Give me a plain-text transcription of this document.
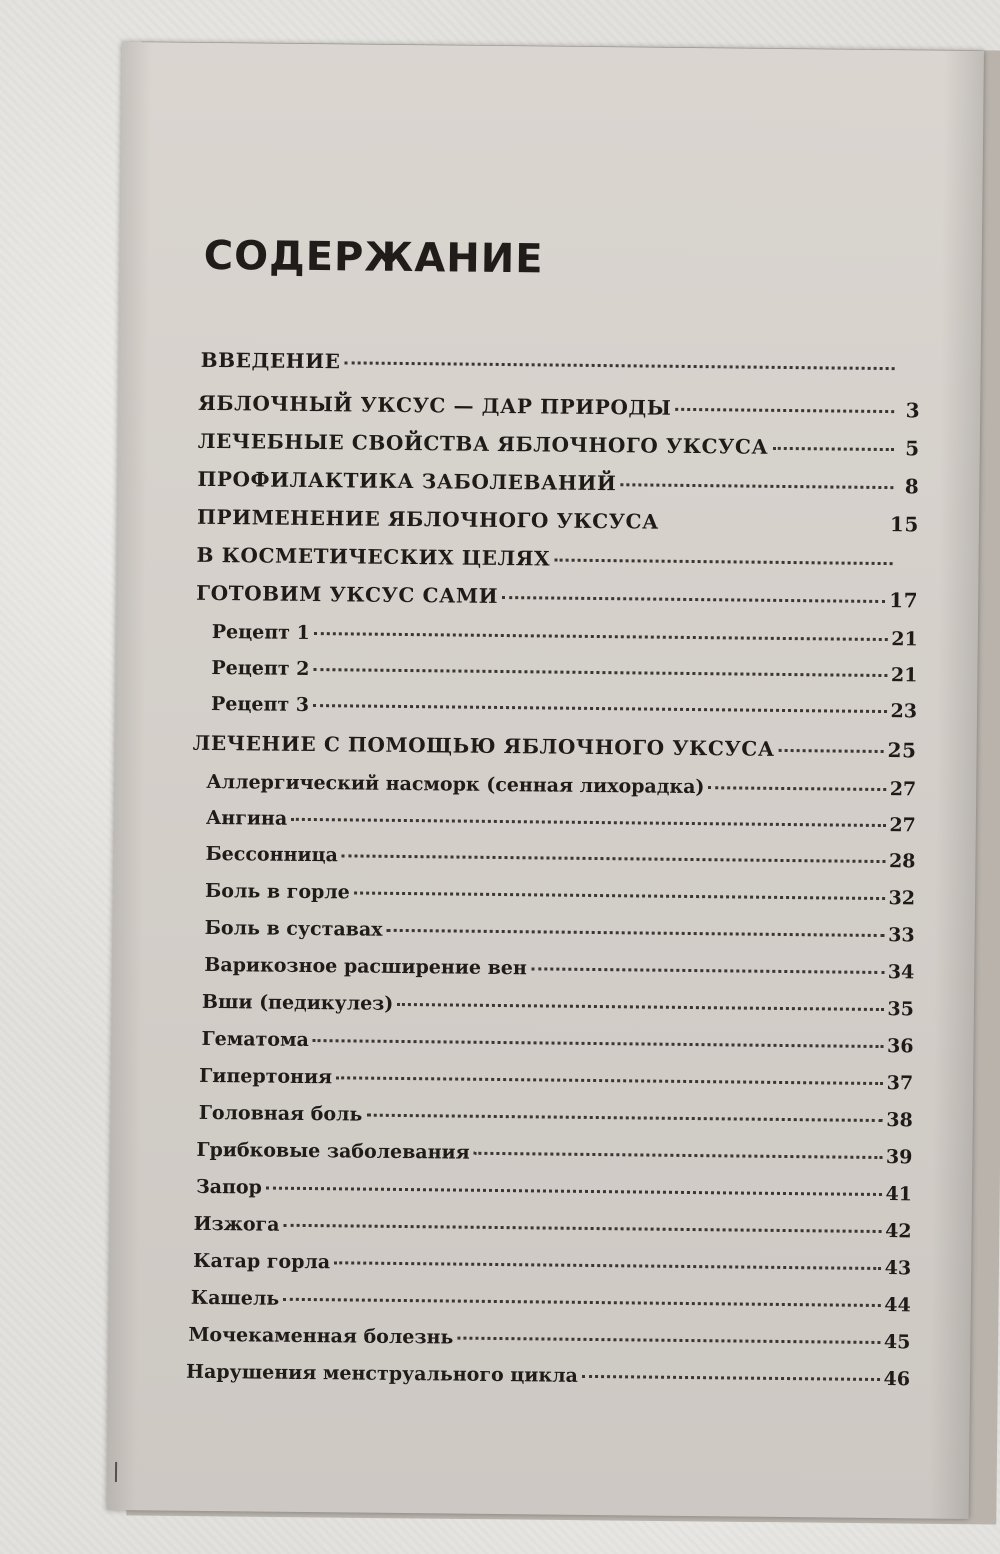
СОДЕРЖАНИЕ
ВВЕДЕНИЕ
ЯБЛОЧНЫЙ УКСУС — ДАР ПРИРОДЫ	3
ЛЕЧЕБНЫЕ СВОЙСТВА ЯБЛОЧНОГО УКСУСА	5
ПРОФИЛАКТИКА ЗАБОЛЕВАНИЙ	8
ПРИМЕНЕНИЕ ЯБЛОЧНОГО УКСУСА	15
В КОСМЕТИЧЕСКИХ ЦЕЛЯХ
ГОТОВИМ УКСУС САМИ	17
Рецепт 1	21
Рецепт 2	21
Рецепт 3	23
ЛЕЧЕНИЕ С ПОМОЩЬЮ ЯБЛОЧНОГО УКСУСА	25
Аллергический насморк (сенная лихорадка)	27
Ангина	27
Бессонница	28
Боль в горле	32
Боль в суставах	33
Варикозное расширение вен	34
Вши (педикулез)	35
Гематома	36
Гипертония	37
Головная боль	38
Грибковые заболевания	39
Запор	41
Изжога	42
Катар горла	43
Кашель	44
Мочекаменная болезнь	45
Нарушения менструального цикла	46
